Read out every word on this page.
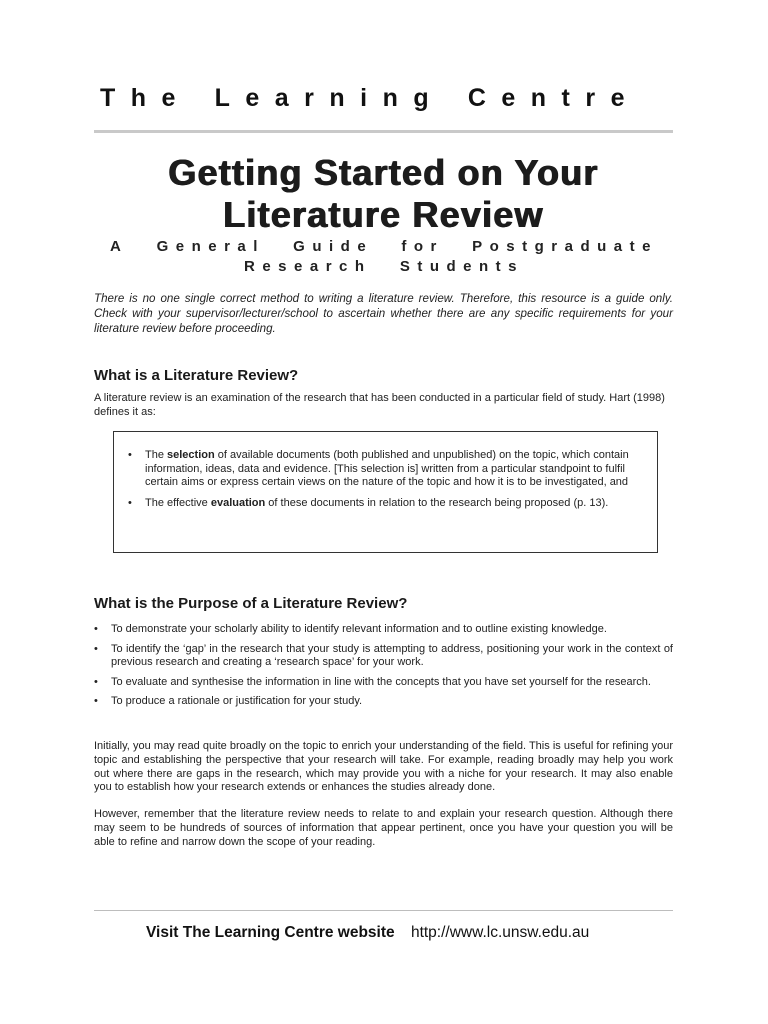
The Learning Centre
Getting Started on Your
Literature Review
A General Guide for Postgraduate
Research Students
There is no one single correct method to writing a literature review. Therefore, this resource is a guide only. Check with your supervisor/lecturer/school to ascertain whether there are any specific requirements for your literature review before proceeding.
What is a Literature Review?
A literature review is an examination of the research that has been conducted in a particular field of study. Hart (1998) defines it as:
• The selection of available documents (both published and unpublished) on the topic, which contain information, ideas, data and evidence. [This selection is] written from a particular standpoint to fulfil certain aims or express certain views on the nature of the topic and how it is to be investigated, and
• The effective evaluation of these documents in relation to the research being proposed (p. 13).
What is the Purpose of a Literature Review?
• To demonstrate your scholarly ability to identify relevant information and to outline existing knowledge.
• To identify the ‘gap’ in the research that your study is attempting to address, positioning your work in the context of previous research and creating a ‘research space’ for your work.
• To evaluate and synthesise the information in line with the concepts that you have set yourself for the research.
• To produce a rationale or justification for your study.
Initially, you may read quite broadly on the topic to enrich your understanding of the field. This is useful for refining your topic and establishing the perspective that your research will take. For example, reading broadly may help you work out where there are gaps in the research, which may provide you with a niche for your research. It may also enable you to establish how your research extends or enhances the studies already done.
However, remember that the literature review needs to relate to and explain your research question. Although there may seem to be hundreds of sources of information that appear pertinent, once you have your question you will be able to refine and narrow down the scope of your reading.
Visit The Learning Centre website http://www.lc.unsw.edu.au
